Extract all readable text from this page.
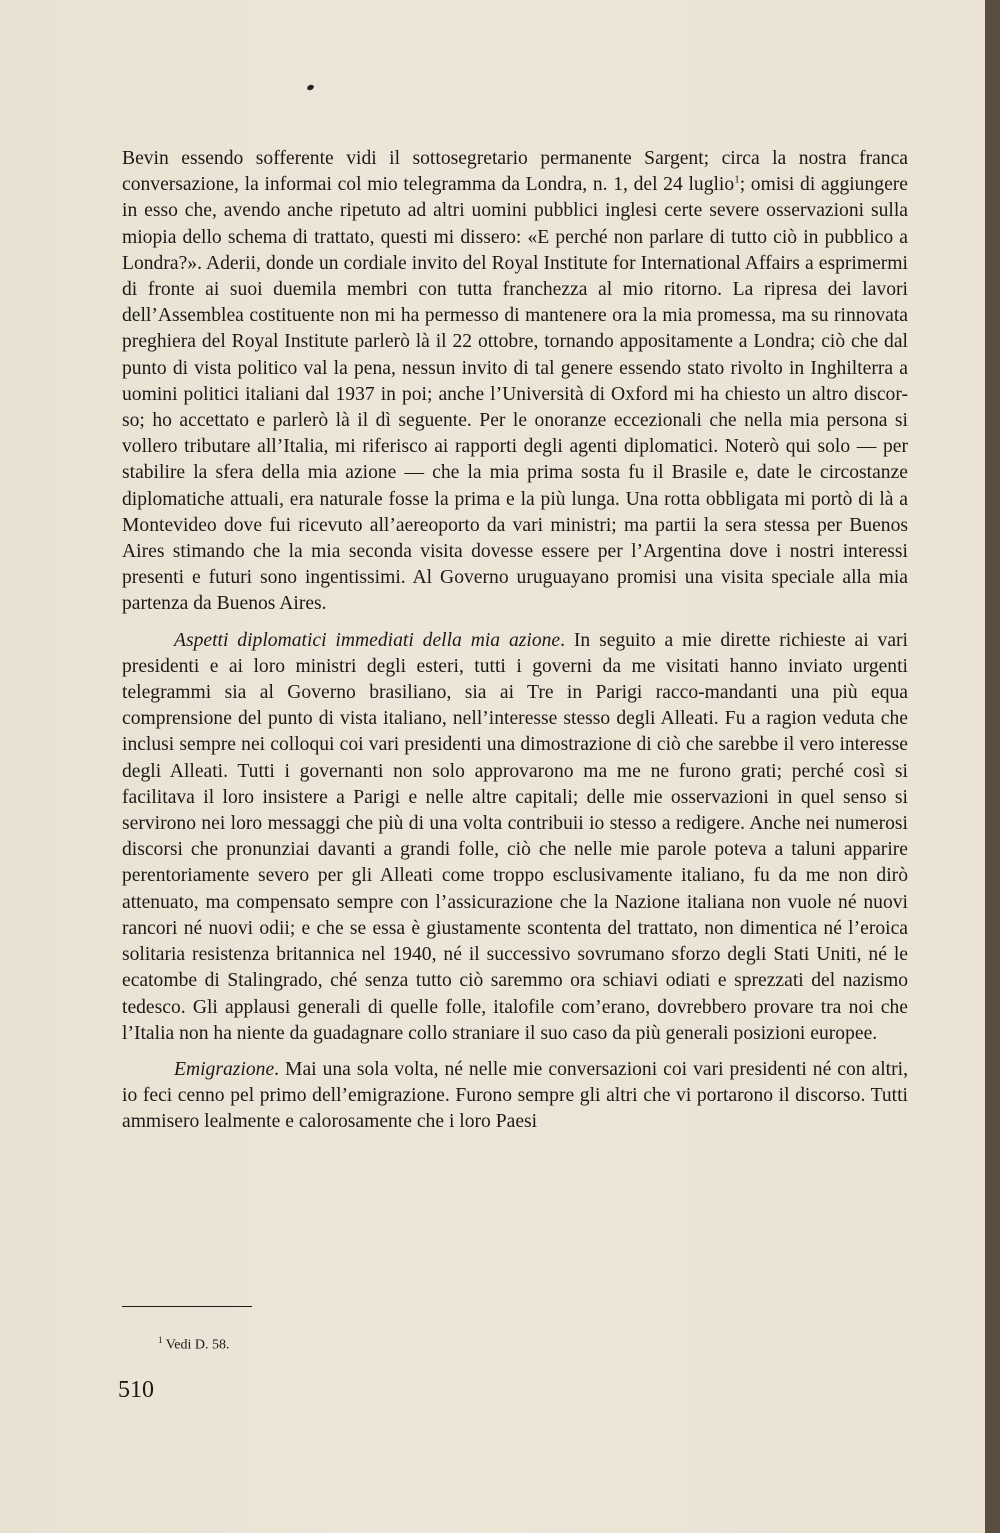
Bevin essendo sofferente vidi il sottosegretario permanente Sargent; circa la nostra franca conversazione, la informai col mio telegramma da Londra, n. 1, del 24 luglio$^1$; omisi di aggiungere in esso che, avendo anche ripetuto ad altri uomini pubblici inglesi certe severe osservazioni sulla miopia dello schema di trattato, questi mi dissero: «E perché non parlare di tutto ciò in pubblico a Londra?». Aderii, donde un cordiale invito del Royal Institute for International Affairs a esprimermi di fronte ai suoi duemila membri con tutta franchezza al mio ritorno. La ripresa dei lavori dell’Assemblea costituente non mi ha permesso di mantenere ora la mia promessa, ma su rinnovata preghiera del Royal Institute parlerò là il 22 ottobre, tornando appositamente a Londra; ciò che dal punto di vista politico val la pena, nessun invito di tal genere essendo stato rivolto in Inghilterra a uomini politici italiani dal 1937 in poi; anche l’Università di Oxford mi ha chiesto un altro discor-so; ho accettato e parlerò là il dì seguente. Per le onoranze eccezionali che nella mia persona si vollero tributare all’Italia, mi riferisco ai rapporti degli agenti diplomatici. Noterò qui solo — per stabilire la sfera della mia azione — che la mia prima sosta fu il Brasile e, date le circostanze diplomatiche attuali, era naturale fosse la prima e la più lunga. Una rotta obbligata mi portò di là a Montevideo dove fui ricevuto all’aereoporto da vari ministri; ma partii la sera stessa per Buenos Aires stimando che la mia seconda visita dovesse essere per l’Argentina dove i nostri interessi presenti e futuri sono ingentissimi. Al Governo uruguayano promisi una visita speciale alla mia partenza da Buenos Aires.

Aspetti diplomatici immediati della mia azione. In seguito a mie dirette richieste ai vari presidenti e ai loro ministri degli esteri, tutti i governi da me visitati hanno inviato urgenti telegrammi sia al Governo brasiliano, sia ai Tre in Parigi racco-mandanti una più equa comprensione del punto di vista italiano, nell’interesse stesso degli Alleati. Fu a ragion veduta che inclusi sempre nei colloqui coi vari presidenti una dimostrazione di ciò che sarebbe il vero interesse degli Alleati. Tutti i governanti non solo approvarono ma me ne furono grati; perché così si facilitava il loro insistere a Parigi e nelle altre capitali; delle mie osservazioni in quel senso si servirono nei loro messaggi che più di una volta contribuii io stesso a redigere. Anche nei numerosi discorsi che pronunziai davanti a grandi folle, ciò che nelle mie parole poteva a taluni apparire perentoriamente severo per gli Alleati come troppo esclusivamente italiano, fu da me non dirò attenuato, ma compensato sempre con l’assicurazione che la Nazione italiana non vuole né nuovi rancori né nuovi odii; e che se essa è giustamente scontenta del trattato, non dimentica né l’eroica solitaria resistenza britannica nel 1940, né il successivo sovrumano sforzo degli Stati Uniti, né le ecatombe di Stalingrado, ché senza tutto ciò saremmo ora schiavi odiati e sprezzati del nazismo tedesco. Gli applausi generali di quelle folle, italofile com’erano, dovrebbero provare tra noi che l’Italia non ha niente da guadagnare collo straniare il suo caso da più generali posizioni europee.

Emigrazione. Mai una sola volta, né nelle mie conversazioni coi vari presidenti né con altri, io feci cenno pel primo dell’emigrazione. Furono sempre gli altri che vi portarono il discorso. Tutti ammisero lealmente e calorosamente che i loro Paesi

$^1$ Vedi D. 58.
510
